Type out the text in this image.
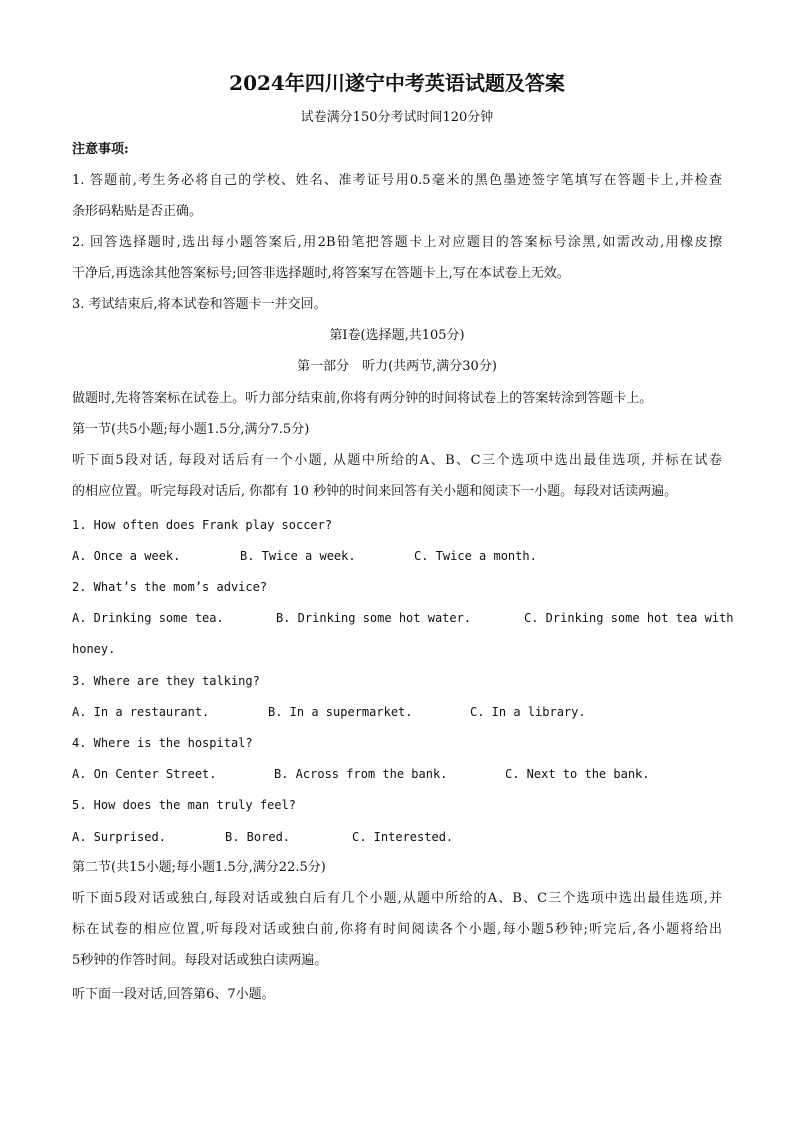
2024年四川遂宁中考英语试题及答案
试卷满分150分考试时间120分钟
注意事项:
1. 答题前,考生务必将自己的学校、姓名、准考证号用0.5毫米的黑色墨迹签字笔填写在答题卡上,并检查
条形码粘贴是否正确。
2. 回答选择题时,选出每小题答案后,用2B铅笔把答题卡上对应题目的答案标号涂黑,如需改动,用橡皮擦
干净后,再选涂其他答案标号;回答非选择题时,将答案写在答题卡上,写在本试卷上无效。
3. 考试结束后,将本试卷和答题卡一并交回。
第Ⅰ卷(选择题,共105分)
第一部分　听力(共两节,满分30分)
做题时,先将答案标在试卷上。听力部分结束前,你将有两分钟的时间将试卷上的答案转涂到答题卡上。
第一节(共5小题;每小题1.5分,满分7.5分)
听下面5段对话, 每段对话后有一个小题, 从题中所给的A、B、C三个选项中选出最佳选项, 并标在试卷
的相应位置。听完每段对话后, 你都有 10 秒钟的时间来回答有关小题和阅读下一小题。每段对话读两遍。
1. How often does Frank play soccer?
A. Once a week.	B. Twice a week.	C. Twice a month.
2. What’s the mom’s advice?
A. Drinking some tea.	B. Drinking some hot water.	C. Drinking some hot tea with
honey.
3. Where are they talking?
A. In a restaurant.	B. In a supermarket.	C. In a library.
4. Where is the hospital?
A. On Center Street.	B. Across from the bank.	C. Next to the bank.
5. How does the man truly feel?
A. Surprised.	B. Bored.	C. Interested.
第二节(共15小题;每小题1.5分,满分22.5分)
听下面5段对话或独白,每段对话或独白后有几个小题,从题中所给的A、B、C三个选项中选出最佳选项,并
标在试卷的相应位置,听每段对话或独白前,你将有时间阅读各个小题,每小题5秒钟;听完后,各小题将给出
5秒钟的作答时间。每段对话或独白读两遍。
听下面一段对话,回答第6、7小题。
